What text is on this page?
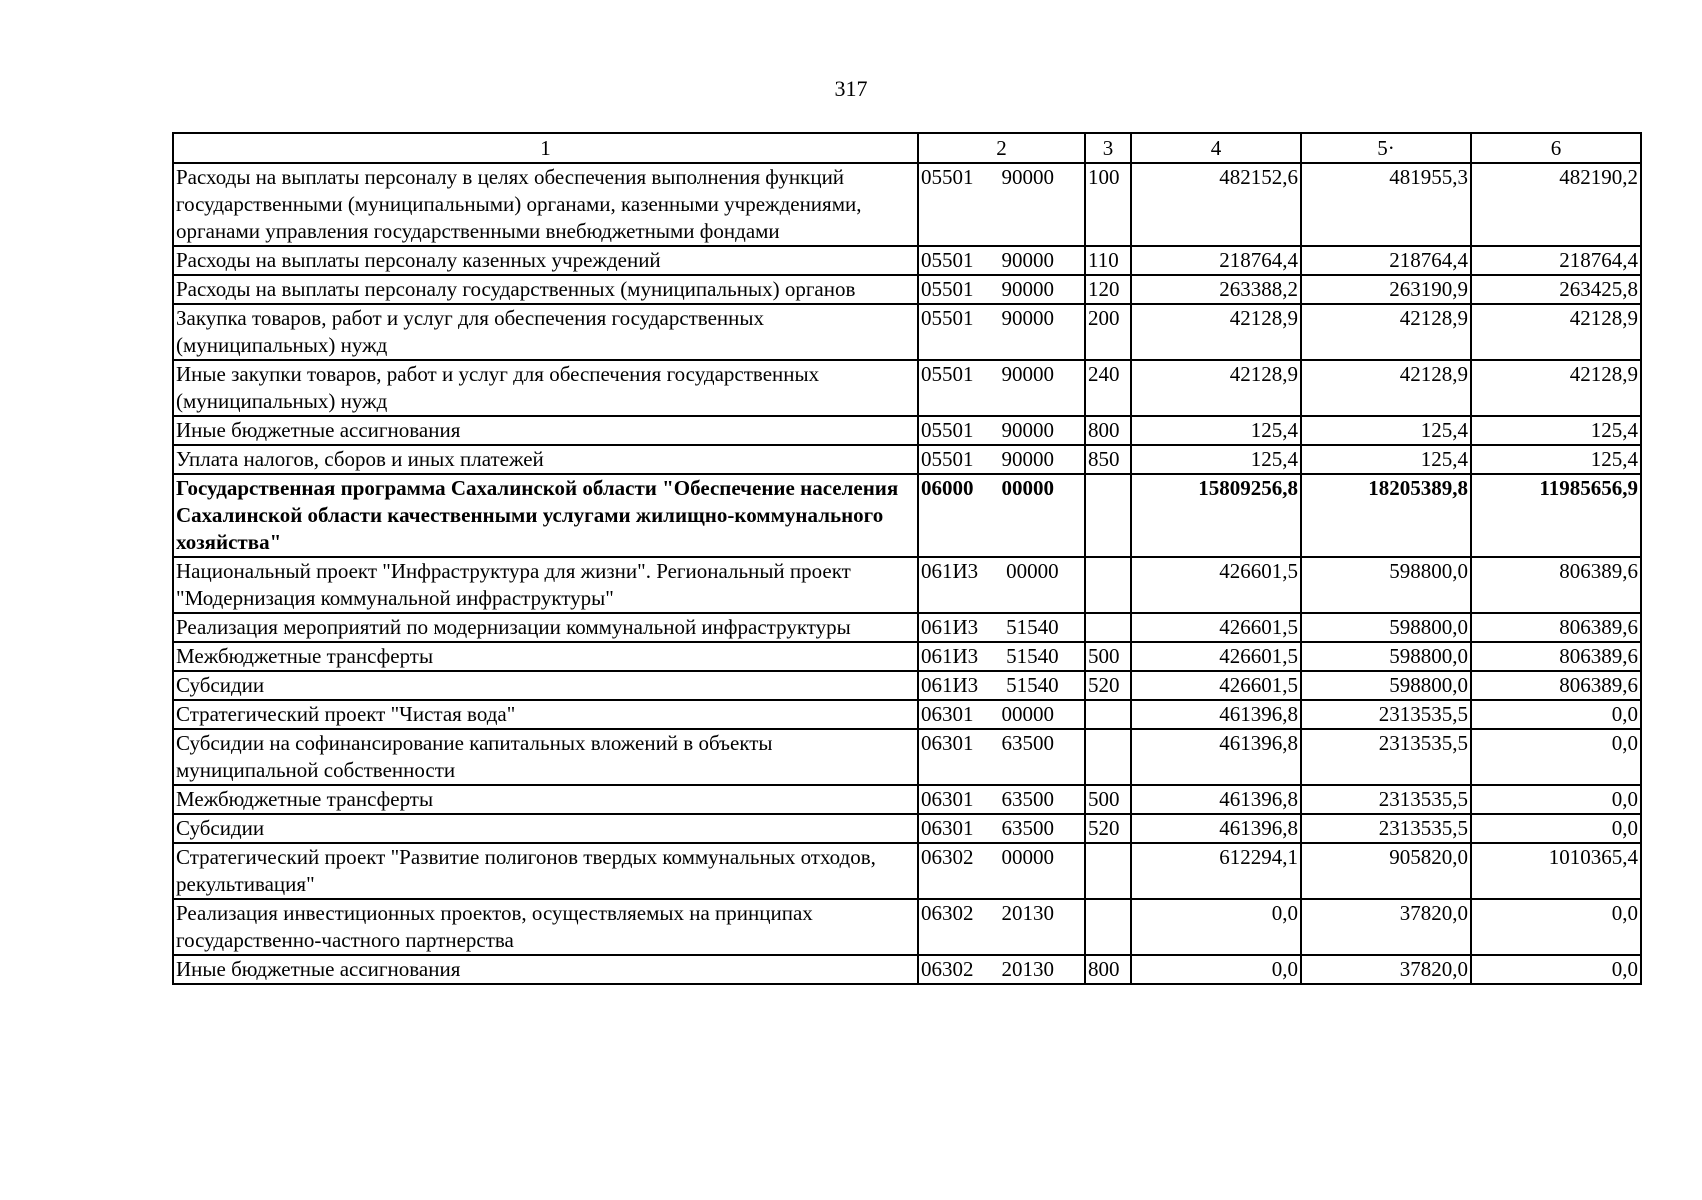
317
1	2	3	4	5·	6
Расходы на выплаты персоналу в целях обеспечения выполнения функций государственными (муниципальными) органами, казенными учреждениями, органами управления государственными внебюджетными фондами	05501 90000	100	482152,6	481955,3	482190,2
Расходы на выплаты персоналу казенных учреждений	05501 90000	110	218764,4	218764,4	218764,4
Расходы на выплаты персоналу государственных (муниципальных) органов	05501 90000	120	263388,2	263190,9	263425,8
Закупка товаров, работ и услуг для обеспечения государственных (муниципальных) нужд	05501 90000	200	42128,9	42128,9	42128,9
Иные закупки товаров, работ и услуг для обеспечения государственных (муниципальных) нужд	05501 90000	240	42128,9	42128,9	42128,9
Иные бюджетные ассигнования	05501 90000	800	125,4	125,4	125,4
Уплата налогов, сборов и иных платежей	05501 90000	850	125,4	125,4	125,4
Государственная программа Сахалинской области "Обеспечение населения Сахалинской области качественными услугами жилищно-коммунального хозяйства"	06000 00000		15809256,8	18205389,8	11985656,9
Национальный проект "Инфраструктура для жизни". Региональный проект "Модернизация коммунальной инфраструктуры"	061И3 00000		426601,5	598800,0	806389,6
Реализация мероприятий по модернизации коммунальной инфраструктуры	061И3 51540		426601,5	598800,0	806389,6
Межбюджетные трансферты	061И3 51540	500	426601,5	598800,0	806389,6
Субсидии	061И3 51540	520	426601,5	598800,0	806389,6
Стратегический проект "Чистая вода"	06301 00000		461396,8	2313535,5	0,0
Субсидии на софинансирование капитальных вложений в объекты муниципальной собственности	06301 63500		461396,8	2313535,5	0,0
Межбюджетные трансферты	06301 63500	500	461396,8	2313535,5	0,0
Субсидии	06301 63500	520	461396,8	2313535,5	0,0
Стратегический проект "Развитие полигонов твердых коммунальных отходов, рекультивация"	06302 00000		612294,1	905820,0	1010365,4
Реализация инвестиционных проектов, осуществляемых на принципах государственно-частного партнерства	06302 20130		0,0	37820,0	0,0
Иные бюджетные ассигнования	06302 20130	800	0,0	37820,0	0,0
